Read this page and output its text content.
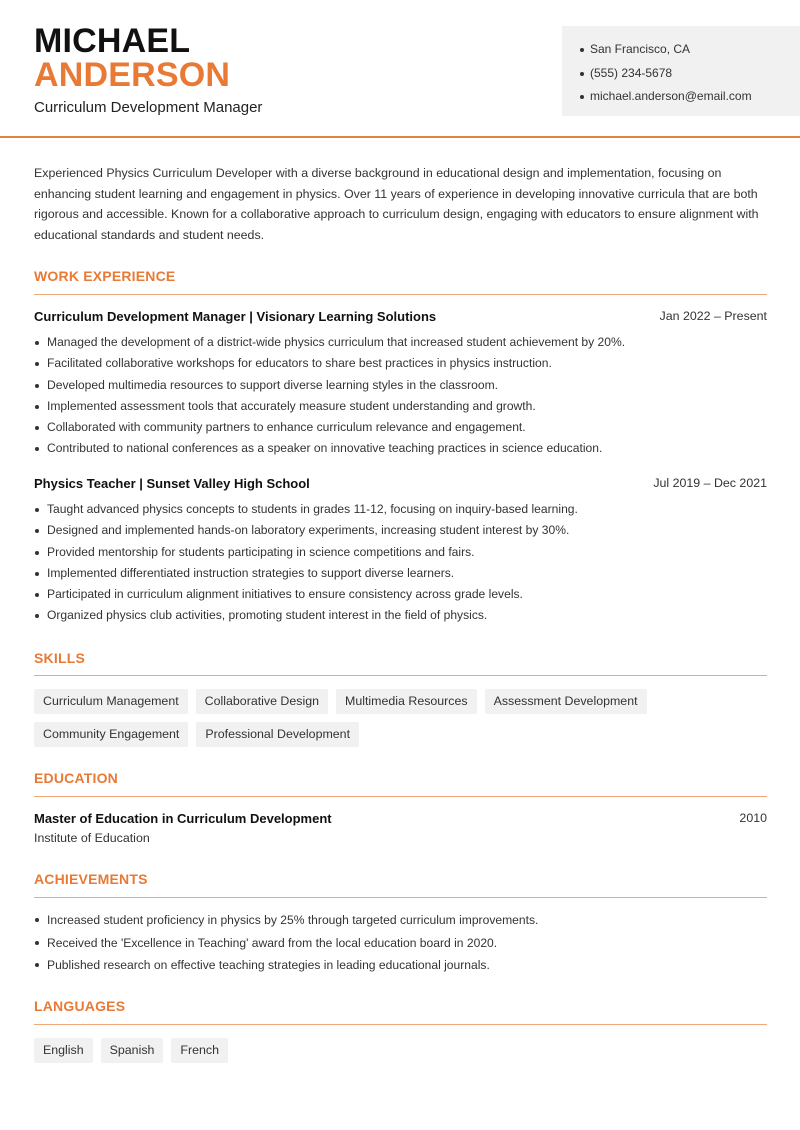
MICHAEL
ANDERSON
Curriculum Development Manager
San Francisco, CA
(555) 234-5678
michael.anderson@email.com

Experienced Physics Curriculum Developer with a diverse background in educational design and implementation, focusing on enhancing student learning and engagement in physics. Over 11 years of experience in developing innovative curricula that are both rigorous and accessible. Known for a collaborative approach to curriculum design, engaging with educators to ensure alignment with educational standards and student needs.

WORK EXPERIENCE
Curriculum Development Manager | Visionary Learning Solutions	Jan 2022 – Present
Managed the development of a district-wide physics curriculum that increased student achievement by 20%.
Facilitated collaborative workshops for educators to share best practices in physics instruction.
Developed multimedia resources to support diverse learning styles in the classroom.
Implemented assessment tools that accurately measure student understanding and growth.
Collaborated with community partners to enhance curriculum relevance and engagement.
Contributed to national conferences as a speaker on innovative teaching practices in science education.
Physics Teacher | Sunset Valley High School	Jul 2019 – Dec 2021
Taught advanced physics concepts to students in grades 11-12, focusing on inquiry-based learning.
Designed and implemented hands-on laboratory experiments, increasing student interest by 30%.
Provided mentorship for students participating in science competitions and fairs.
Implemented differentiated instruction strategies to support diverse learners.
Participated in curriculum alignment initiatives to ensure consistency across grade levels.
Organized physics club activities, promoting student interest in the field of physics.
SKILLS
Curriculum Management	Collaborative Design	Multimedia Resources	Assessment Development
Community Engagement	Professional Development
EDUCATION
Master of Education in Curriculum Development	2010
Institute of Education
ACHIEVEMENTS
Increased student proficiency in physics by 25% through targeted curriculum improvements.
Received the 'Excellence in Teaching' award from the local education board in 2020.
Published research on effective teaching strategies in leading educational journals.
LANGUAGES
English	Spanish	French
